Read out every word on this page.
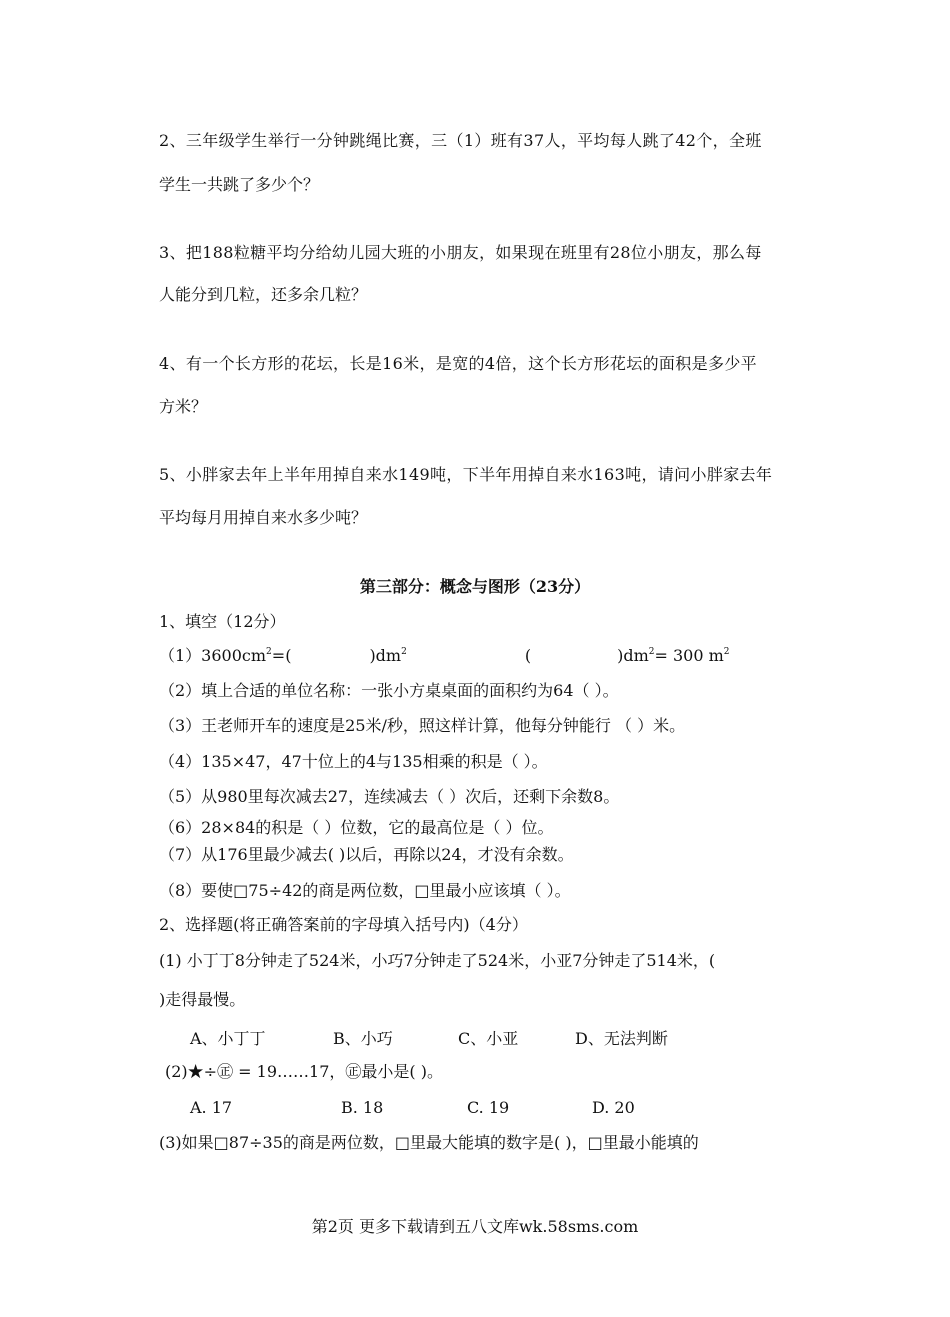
2、三年级学生举行一分钟跳绳比赛，三（1）班有37人，平均每人跳了42个，全班
学生一共跳了多少个？
3、把188粒糖平均分给幼儿园大班的小朋友，如果现在班里有28位小朋友，那么每
人能分到几粒，还多余几粒？
4、有一个长方形的花坛，长是16米，是宽的4倍，这个长方形花坛的面积是多少平
方米？
5、小胖家去年上半年用掉自来水149吨，下半年用掉自来水163吨，请问小胖家去年
平均每月用掉自来水多少吨？
第三部分：概念与图形（23分）
1、填空（12分）
$(1)3600cm^2=$(	)$dm^2$	(	)$dm^2= 300$ $m^2$
（2）填上合适的单位名称：一张小方桌桌面的面积约为64（ ）。
（3）王老师开车的速度是25米/秒，照这样计算，他每分钟能行 （ ）米。
（4）135×47，47十位上的4与135相乘的积是（ ）。
（5）从980里每次减去27，连续减去（ ）次后，还剩下余数8。
（6）28×84的积是（ ）位数，它的最高位是（ ）位。
（7）从176里最少减去( )以后，再除以24，才没有余数。
（8）要使□75÷42的商是两位数，□里最小应该填（ ）。
2、选择题(将正确答案前的字母填入括号内)（4分）
(1) 小丁丁8分钟走了524米，小巧7分钟走了524米，小亚7分钟走了514米，(
)走得最慢。
A、小丁丁	B、小巧	C、小亚	D、无法判断
(2)★÷㊣ = 19……17，㊣最小是( )。
A. 17	B. 18	C. 19	D. 20
(3)如果□87÷35的商是两位数，□里最大能填的数字是( )，□里最小能填的
第2页 更多下载请到五八文库wk.58sms.com
